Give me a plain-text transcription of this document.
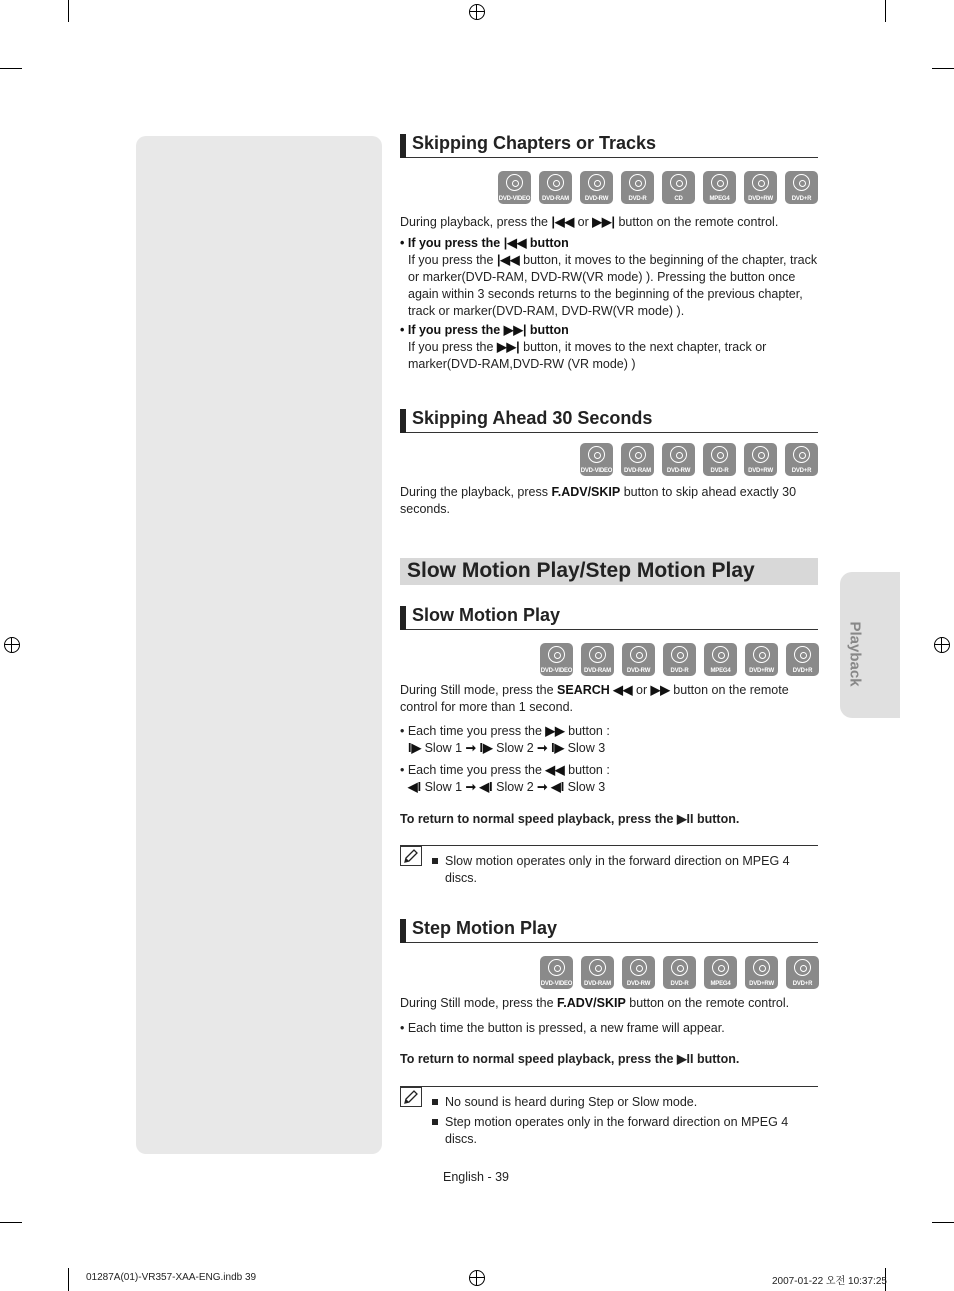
Playback
Skipping Chapters or Tracks
DVD-VIDEO	DVD-RAM	DVD-RW	DVD-R	CD	MPEG4	DVD+RW	DVD+R
During playback, press the |◀◀ or ▶▶| button on the remote control.
• If you press the |◀◀ button
If you press the |◀◀ button, it moves to the beginning of the chapter, track or marker(DVD-RAM, DVD-RW(VR mode) ). Pressing the button once again within 3 seconds returns to the beginning of the previous chapter, track or marker(DVD-RAM, DVD-RW(VR mode) ).
• If you press the ▶▶| button
If you press the ▶▶| button, it moves to the next chapter, track or marker(DVD-RAM,DVD-RW (VR mode) )
Skipping Ahead 30 Seconds
DVD-VIDEO	DVD-RAM	DVD-RW	DVD-R	DVD+RW	DVD+R
During the playback, press F.ADV/SKIP button to skip ahead exactly 30 seconds.
Slow Motion Play/Step Motion Play
Slow Motion Play
DVD-VIDEO	DVD-RAM	DVD-RW	DVD-R	MPEG4	DVD+RW	DVD+R
During Still mode, press the SEARCH ◀◀ or ▶▶ button on the remote control for more than 1 second.
• Each time you press the ▶▶ button :
I▶ Slow 1 ➞ I▶ Slow 2 ➞ I▶ Slow 3
• Each time you press the ◀◀ button :
◀I Slow 1 ➞ ◀I Slow 2 ➞ ◀I Slow 3
To return to normal speed playback, press the ▶II button.
Slow motion operates only in the forward direction on MPEG 4 discs.
Step Motion Play
DVD-VIDEO	DVD-RAM	DVD-RW	DVD-R	MPEG4	DVD+RW	DVD+R
During Still mode, press the F.ADV/SKIP button on the remote control.
• Each time the button is pressed, a new frame will appear.
To return to normal speed playback, press the ▶II button.
No sound is heard during Step or Slow mode.
Step motion operates only in the forward direction on MPEG 4 discs.
English - 39
01287A(01)-VR357-XAA-ENG.indb 39	2007-01-22 오전 10:37:25
